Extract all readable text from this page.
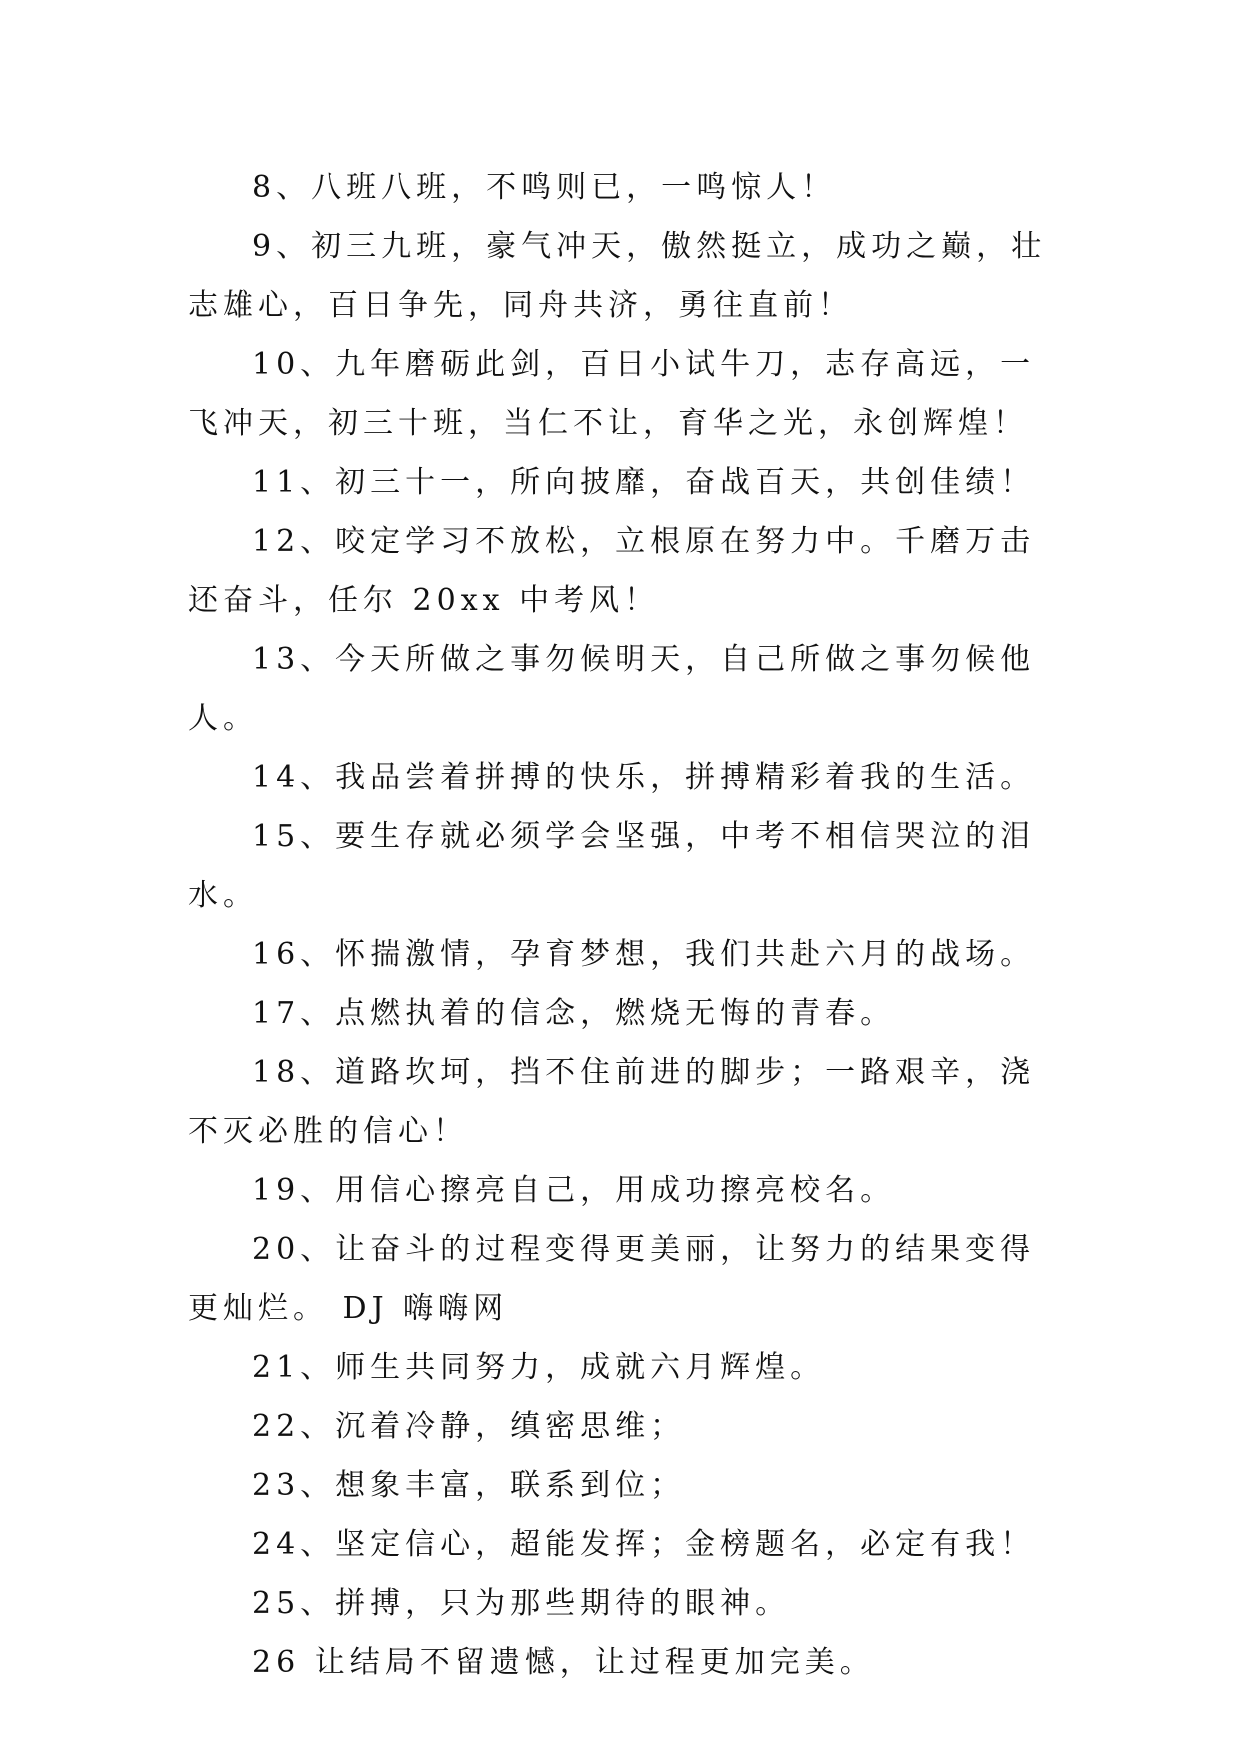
8、八班八班，不鸣则已，一鸣惊人！

9、初三九班，豪气冲天，傲然挺立，成功之巅，壮志雄心，百日争先，同舟共济，勇往直前！

10、九年磨砺此剑，百日小试牛刀，志存高远，一飞冲天，初三十班，当仁不让，育华之光，永创辉煌！

11、初三十一，所向披靡，奋战百天，共创佳绩！

12、咬定学习不放松，立根原在努力中。千磨万击还奋斗，任尔 20xx 中考风！

13、今天所做之事勿候明天，自己所做之事勿候他人。

14、我品尝着拼搏的快乐，拼搏精彩着我的生活。

15、要生存就必须学会坚强，中考不相信哭泣的泪水。

16、怀揣激情，孕育梦想，我们共赴六月的战场。

17、点燃执着的信念，燃烧无悔的青春。

18、道路坎坷，挡不住前进的脚步；一路艰辛，浇不灭必胜的信心！

19、用信心擦亮自己，用成功擦亮校名。

20、让奋斗的过程变得更美丽，让努力的结果变得更灿烂。 DJ 嗨嗨网

21、师生共同努力，成就六月辉煌。

22、沉着冷静，缜密思维；

23、想象丰富，联系到位；

24、坚定信心，超能发挥；金榜题名，必定有我！

25、拼搏，只为那些期待的眼神。

26 让结局不留遗憾，让过程更加完美。
